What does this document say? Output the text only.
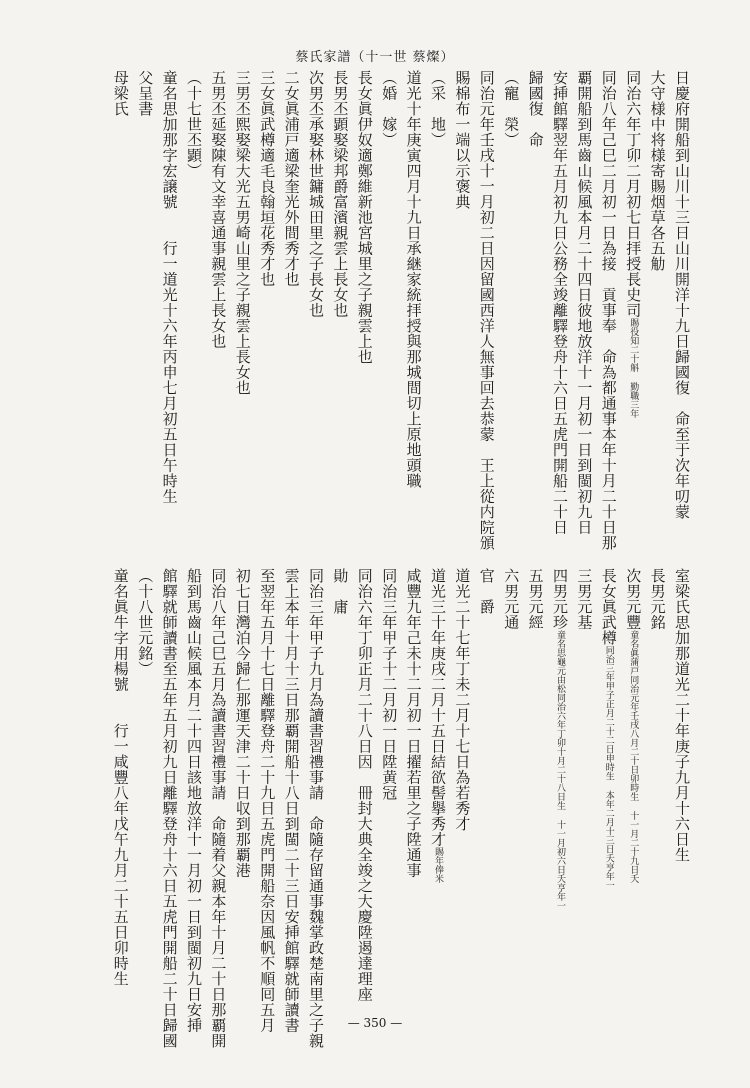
蔡氏家譜（十一世 蔡燦）
日慶府開船到山川十三日山川開洋十九日歸國復　命至于次年叨蒙
大守様中将様寄賜烟草各五觔
同治六年丁卯二月初七日拝授長史司賜役知二十斛 勤職三年
同治八年己巳二月初一日為接　貢事奉　命為都通事本年十月二十日那
覇開船到馬齒山候風本月二十四日彼地放洋十一月初一日到閩初九日
安挿館驛翌年五月初九日公務全竣離驛登舟十六日五虎門開船二十日
歸國復　命
（寵　榮）
同治元年壬戌十一月初二日因留國西洋人無事回去恭蒙　王上從内院頒
賜棉布一端以示褒典
（采　地）
道光十年庚寅四月十九日承継家統拝授與那城間切上原地頭職
（婚　嫁）
長女眞伊奴適鄭維新池宮城里之子親雲上也
長男丕顕娶梁邦爵富濱親雲上長女也
次男丕承娶林世鏞城田里之子長女也
二女眞浦戸適梁奎光外間秀才也
三女眞武樽適毛良翰垣花秀才也
三男丕熙娶梁大光五男崎山里之子親雲上長女也
五男丕延娶陳有文幸喜通事親雲上長女也
（十七世丕顕）
童名思加那字宏譲號　　行一道光十六年丙申七月初五日午時生
父呈書
母梁氏
室梁氏思加那道光二十年庚子九月十六日生
長男元銘
次男元豐童名眞蒲戸同治元年壬戌八月二十日卯時生 十一月二十九日夭
長女眞武樽同治三年甲子正月二十二日申時生 本年二月十三日夭亨年一
三男元基
四男元珍童名思龜元由松同治六年丁卯十月二十八日生 十一月初六日夭亨年一
五男元經
六男元通
官　爵
道光二十七年丁未二月十七日為若秀才
道光三十年庚戌二月十五日結欲髻擧秀才賜年俸米
咸豐九年己未十二月初一日擢若里之子陞通事
同治三年甲子十二月初一日陞黄冠
同治六年丁卯正月二十八日因　冊封大典全竣之大慶陞遏達理座
勛　庸
同治三年甲子九月為讀書習禮事請　命隨存留通事魏掌政楚南里之子親
雲上本年十月十三日那覇開船十八日到閩二十三日安挿館驛就師讀書
至翌年五月十七日離驛登舟二十九日五虎門開船奈因風帆不順囘五月
初七日灣泊今歸仁那運天津二十日収到那覇港
同治八年己巳五月為讀書習禮事請　命隨着父親本年十月二十日那覇開
船到馬齒山候風本月二十四日該地放洋十一月初一日到閩初九日安挿
館驛就師讀書至五年五月初九日離驛登舟十六日五虎門開船二十日歸國
（十八世元銘）
童名眞牛字用楊號　　行一咸豐八年戊午九月二十五日卯時生
— 350 —
